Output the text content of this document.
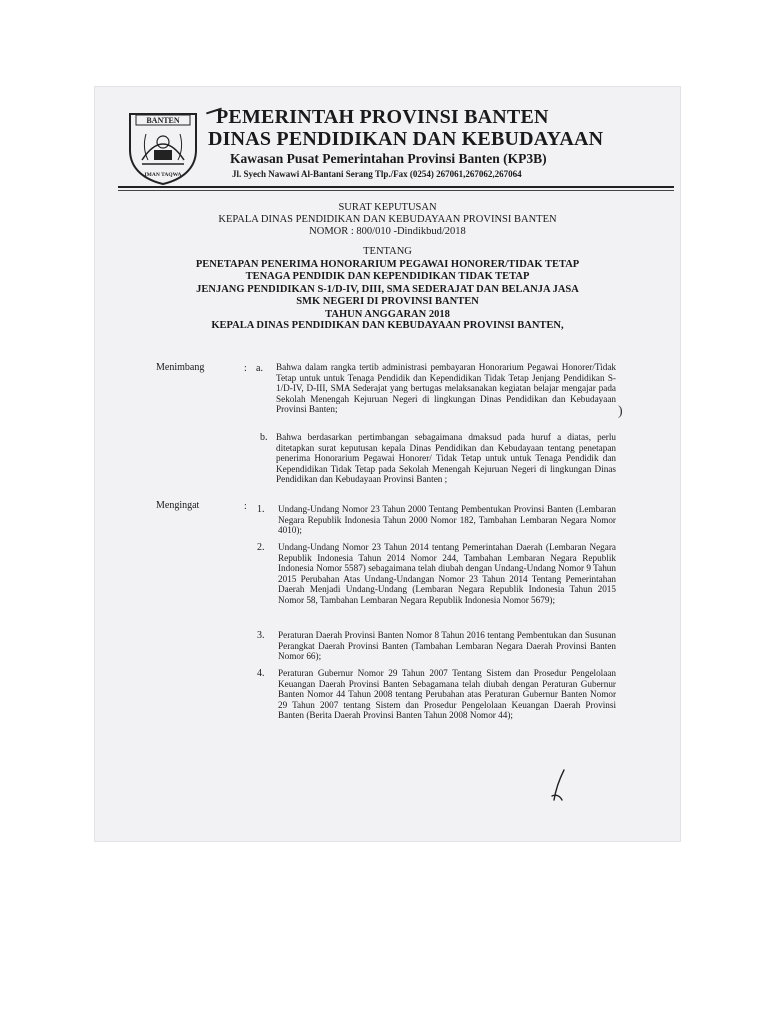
BANTEN
IMAN TAQWA
PEMERINTAH PROVINSI BANTEN
DINAS PENDIDIKAN DAN KEBUDAYAAN
Kawasan Pusat Pemerintahan Provinsi Banten (KP3B)
Jl. Syech Nawawi Al-Bantani Serang Tlp./Fax (0254) 267061,267062,267064
SURAT KEPUTUSAN
KEPALA DINAS PENDIDIKAN DAN KEBUDAYAAN PROVINSI BANTEN
NOMOR : 800/010 -Dindikbud/2018
TENTANG
PENETAPAN PENERIMA HONORARIUM PEGAWAI HONORER/TIDAK TETAP
TENAGA PENDIDIK DAN KEPENDIDIKAN TIDAK TETAP
JENJANG PENDIDIKAN S-1/D-IV, DIII, SMA SEDERAJAT DAN BELANJA JASA
SMK NEGERI DI PROVINSI BANTEN
TAHUN ANGGARAN 2018
KEPALA DINAS PENDIDIKAN DAN KEBUDAYAAN PROVINSI BANTEN,
Menimbang	: a. Bahwa dalam rangka tertib administrasi pembayaran Honorarium Pegawai Honorer/Tidak Tetap untuk untuk Tenaga Pendidik dan Kependidikan Tidak Tetap Jenjang Pendidikan S-1/D-IV, D-III, SMA Sederajat yang bertugas melaksanakan kegiatan belajar mengajar pada Sekolah Menengah Kejuruan Negeri di lingkungan Dinas Pendidikan dan Kebudayaan Provinsi Banten;
b. Bahwa berdasarkan pertimbangan sebagaimana dmaksud pada huruf a diatas, perlu ditetapkan surat keputusan kepala Dinas Pendidikan dan Kebudayaan tentang penetapan penerima Honorarium Pegawai Honorer/ Tidak Tetap untuk untuk Tenaga Pendidik dan Kependidikan Tidak Tetap pada Sekolah Menengah Kejuruan Negeri di lingkungan Dinas Pendidikan dan Kebudayaan Provinsi Banten ;
Mengingat	: 1. Undang-Undang Nomor 23 Tahun 2000 Tentang Pembentukan Provinsi Banten (Lembaran Negara Republik Indonesia Tahun 2000 Nomor 182, Tambahan Lembaran Negara Nomor 4010);
2. Undang-Undang Nomor 23 Tahun 2014 tentang Pemerintahan Daerah (Lembaran Negara Republik Indonesia Tahun 2014 Nomor 244, Tambahan Lembaran Negara Republik Indonesia Nomor 5587) sebagaimana telah diubah dengan Undang-Undang Nomor 9 Tahun 2015 Perubahan Atas Undang-Undangan Nomor 23 Tahun 2014 Tentang Pemerintahan Daerah Menjadi Undang-Undang (Lembaran Negara Republik Indonesia Tahun 2015 Nomor 58, Tambahan Lembaran Negara Republik Indonesia Nomor 5679);
3. Peraturan Daerah Provinsi Banten Nomor 8 Tahun 2016 tentang Pembentukan dan Susunan Perangkat Daerah Provinsi Banten (Tambahan Lembaran Negara Daerah Provinsi Banten Nomor 66);
4. Peraturan Gubernur Nomor 29 Tahun 2007 Tentang Sistem dan Prosedur Pengelolaan Keuangan Daerah Provinsi Banten Sebagamana telah diubah dengan Peraturan Gubernur Banten Nomor 44 Tahun 2008 tentang Perubahan atas Peraturan Gubernur Banten Nomor 29 Tahun 2007 tentang Sistem dan Prosedur Pengelolaan Keuangan Daerah Provinsi Banten (Berita Daerah Provinsi Banten Tahun 2008 Nomor 44);
)
